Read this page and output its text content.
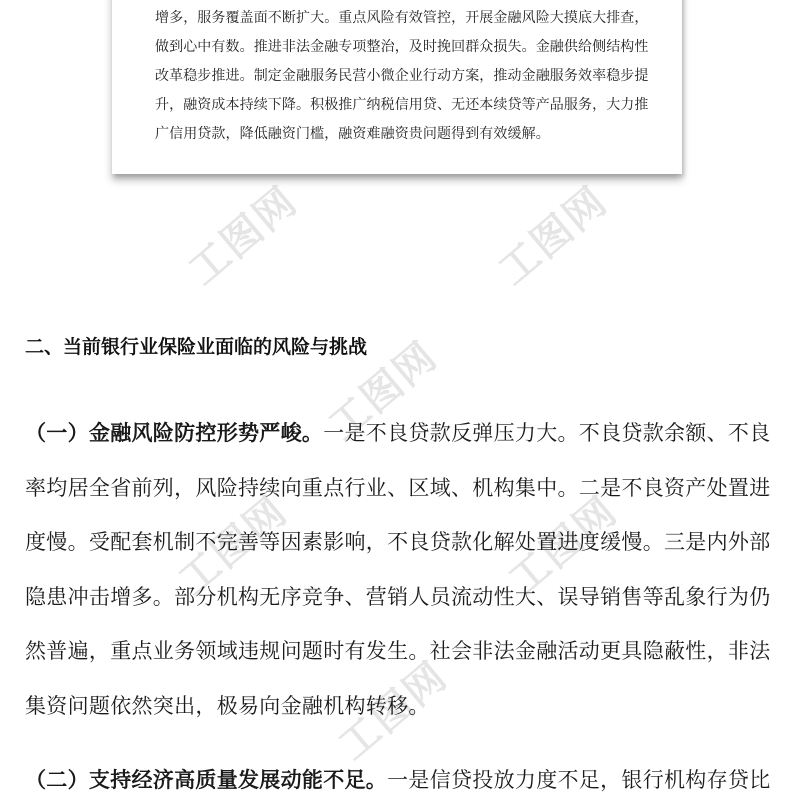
工图网	工图网
工图网
工图网	工图网
工图网
增多，服务覆盖面不断扩大。重点风险有效管控，开展金融风险大摸底大排查，
做到心中有数。推进非法金融专项整治，及时挽回群众损失。金融供给侧结构性
改革稳步推进。制定金融服务民营小微企业行动方案，推动金融服务效率稳步提
升，融资成本持续下降。积极推广纳税信用贷、无还本续贷等产品服务，大力推
广信用贷款，降低融资门槛，融资难融资贵问题得到有效缓解。
二、当前银行业保险业面临的风险与挑战
（一）金融风险防控形势严峻。一是不良贷款反弹压力大。不良贷款余额、不良
率均居全省前列，风险持续向重点行业、区域、机构集中。二是不良资产处置进
度慢。受配套机制不完善等因素影响，不良贷款化解处置进度缓慢。三是内外部
隐患冲击增多。部分机构无序竞争、营销人员流动性大、误导销售等乱象行为仍
然普遍，重点业务领域违规问题时有发生。社会非法金融活动更具隐蔽性，非法
集资问题依然突出，极易向金融机构转移。
（二）支持经济高质量发展动能不足。一是信贷投放力度不足，银行机构存贷比
